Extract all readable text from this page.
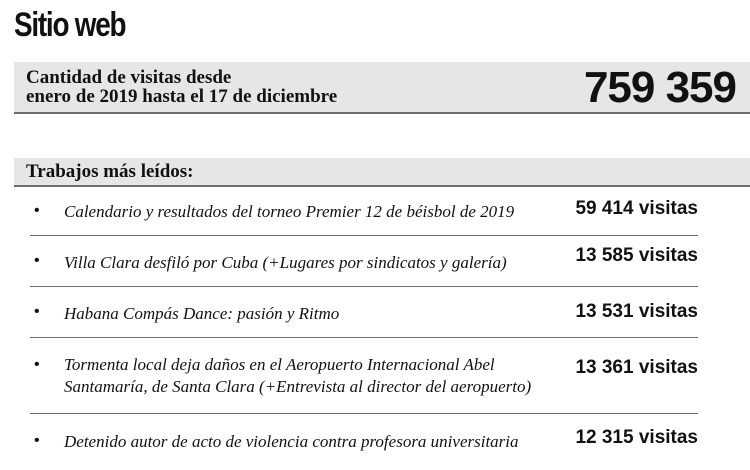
Sitio web
Cantidad de visitas desde
enero de 2019 hasta el 17 de diciembre	759 359
Trabajos más leídos:
• Calendario y resultados del torneo Premier 12 de béisbol de 2019	59 414 visitas
• Villa Clara desfiló por Cuba (+Lugares por sindicatos y galería)	13 585 visitas
• Habana Compás Dance: pasión y Ritmo	13 531 visitas
• Tormenta local deja daños en el Aeropuerto Internacional Abel Santamaría, de Santa Clara (+Entrevista al director del aeropuerto)
13 361 visitas
• Detenido autor de acto de violencia contra profesora universitaria	12 315 visitas
